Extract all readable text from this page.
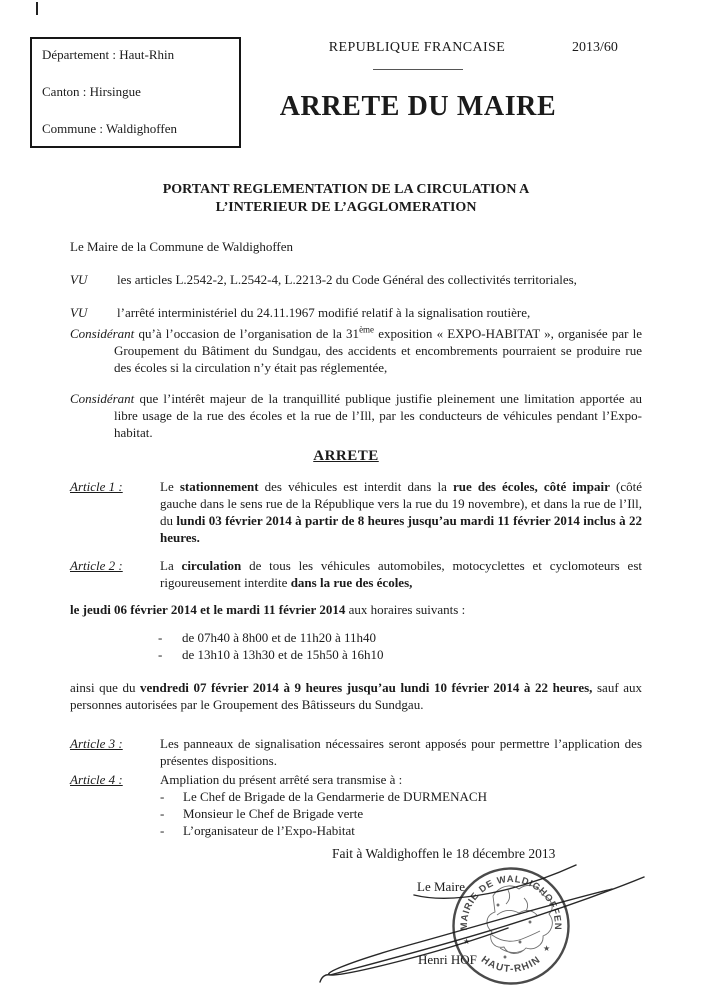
Département : Haut-Rhin
Canton : Hirsingue
Commune : Waldighoffen
REPUBLIQUE FRANCAISE	2013/60
ARRETE DU MAIRE
PORTANT REGLEMENTATION DE LA CIRCULATION A
L’INTERIEUR DE L’AGGLOMERATION
Le Maire de la Commune de Waldighoffen
VU	les articles L.2542-2, L.2542-4, L.2213-2 du Code Général des collectivités territoriales,
VU	l’arrêté interministériel du 24.11.1967 modifié relatif à la signalisation routière,
Considérant qu’à l’occasion de l’organisation de la 31ème exposition « EXPO-HABITAT », organisée par le Groupement du Bâtiment du Sundgau, des accidents et encombrements pourraient se produire rue des écoles si la circulation n’y était pas réglementée,
Considérant que l’intérêt majeur de la tranquillité publique justifie pleinement une limitation apportée au libre usage de la rue des écoles et la rue de l’Ill, par les conducteurs de véhicules pendant l’Expo-habitat.
ARRETE
Article 1 :	Le stationnement des véhicules est interdit dans la rue des écoles, côté impair (côté gauche dans le sens rue de la République vers la rue du 19 novembre), et dans la rue de l’Ill, du lundi 03 février 2014 à partir de 8 heures jusqu’au mardi 11 février 2014 inclus à 22 heures.
Article 2 :	La circulation de tous les véhicules automobiles, motocyclettes et cyclomoteurs est rigoureusement interdite dans la rue des écoles,
le jeudi 06 février 2014 et le mardi 11 février 2014 aux horaires suivants :
-	de 07h40 à 8h00 et de 11h20 à 11h40
-	de 13h10 à 13h30 et de 15h50 à 16h10
ainsi que du vendredi 07 février 2014 à 9 heures jusqu’au lundi 10 février 2014 à 22 heures, sauf aux personnes autorisées par le Groupement des Bâtisseurs du Sundgau.
Article 3 :	Les panneaux de signalisation nécessaires seront apposés pour permettre l’application des présentes dispositions.
Article 4 :	Ampliation du présent arrêté sera transmise à :
-	Le Chef de Brigade de la Gendarmerie de DURMENACH
-	Monsieur le Chef de Brigade verte
-	L’organisateur de l’Expo-Habitat
Fait à Waldighoffen le 18 décembre 2013
Le Maire
Henri HOF
MAIRIE DE WALDIGHOFFEN
HAUT-RHIN
★
★
